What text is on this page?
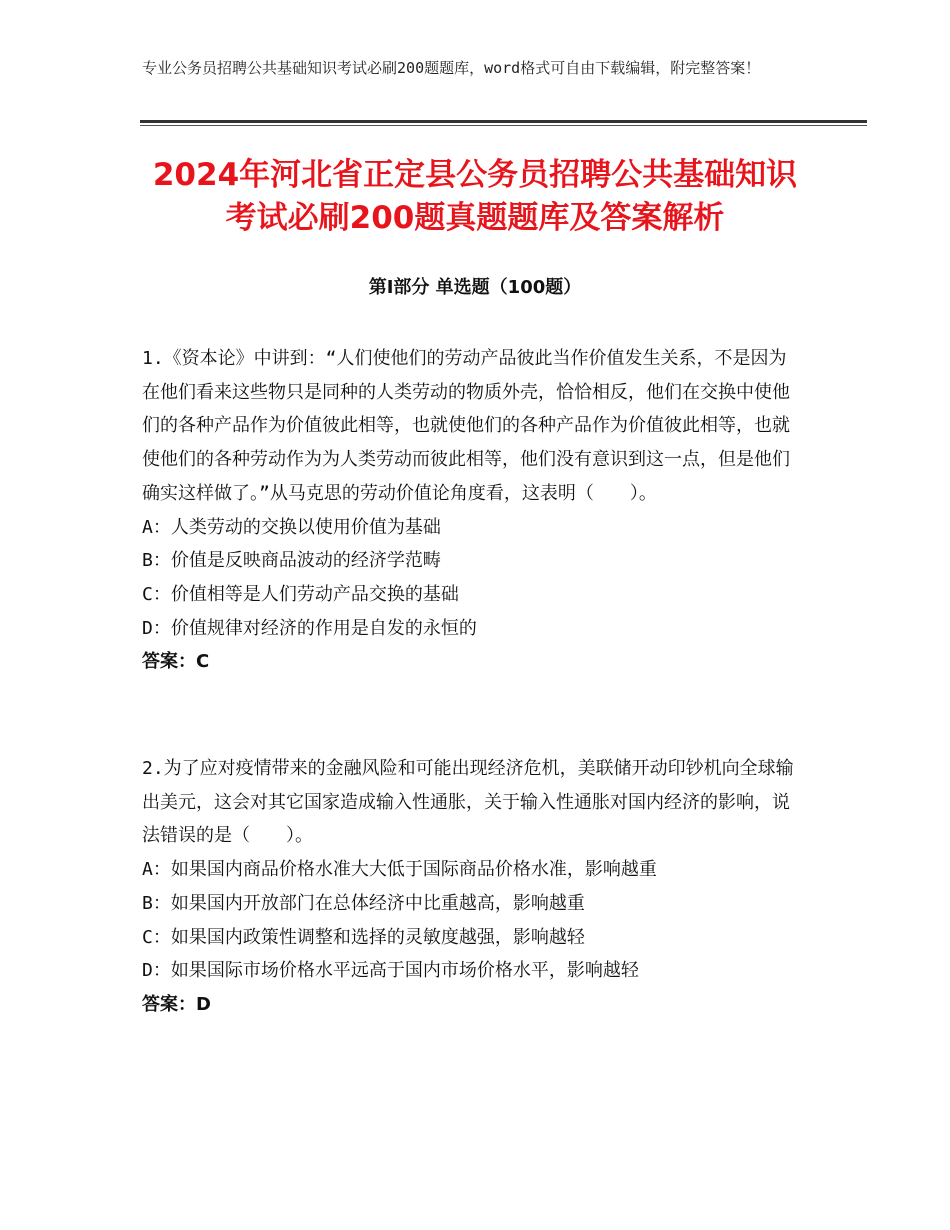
专业公务员招聘公共基础知识考试必刷200题题库，word格式可自由下载编辑，附完整答案！
2024年河北省正定县公务员招聘公共基础知识考试必刷200题真题题库及答案解析
第Ⅰ部分 单选题（100题）

1.《资本论》中讲到：“人们使他们的劳动产品彼此当作价值发生关系，不是因为在他们看来这些物只是同种的人类劳动的物质外壳，恰恰相反，他们在交换中使他们的各种产品作为价值彼此相等，也就使他们的各种产品作为价值彼此相等，也就使他们的各种劳动作为为人类劳动而彼此相等，他们没有意识到这一点，但是他们确实这样做了。”从马克思的劳动价值论角度看，这表明（　　）。

A：人类劳动的交换以使用价值为基础

B：价值是反映商品波动的经济学范畴

C：价值相等是人们劳动产品交换的基础

D：价值规律对经济的作用是自发的永恒的

答案：C

2.为了应对疫情带来的金融风险和可能出现经济危机，美联储开动印钞机向全球输出美元，这会对其它国家造成输入性通胀，关于输入性通胀对国内经济的影响，说法错误的是（　　）。

A：如果国内商品价格水准大大低于国际商品价格水准，影响越重

B：如果国内开放部门在总体经济中比重越高，影响越重

C：如果国内政策性调整和选择的灵敏度越强，影响越轻

D：如果国际市场价格水平远高于国内市场价格水平，影响越轻

答案：D
